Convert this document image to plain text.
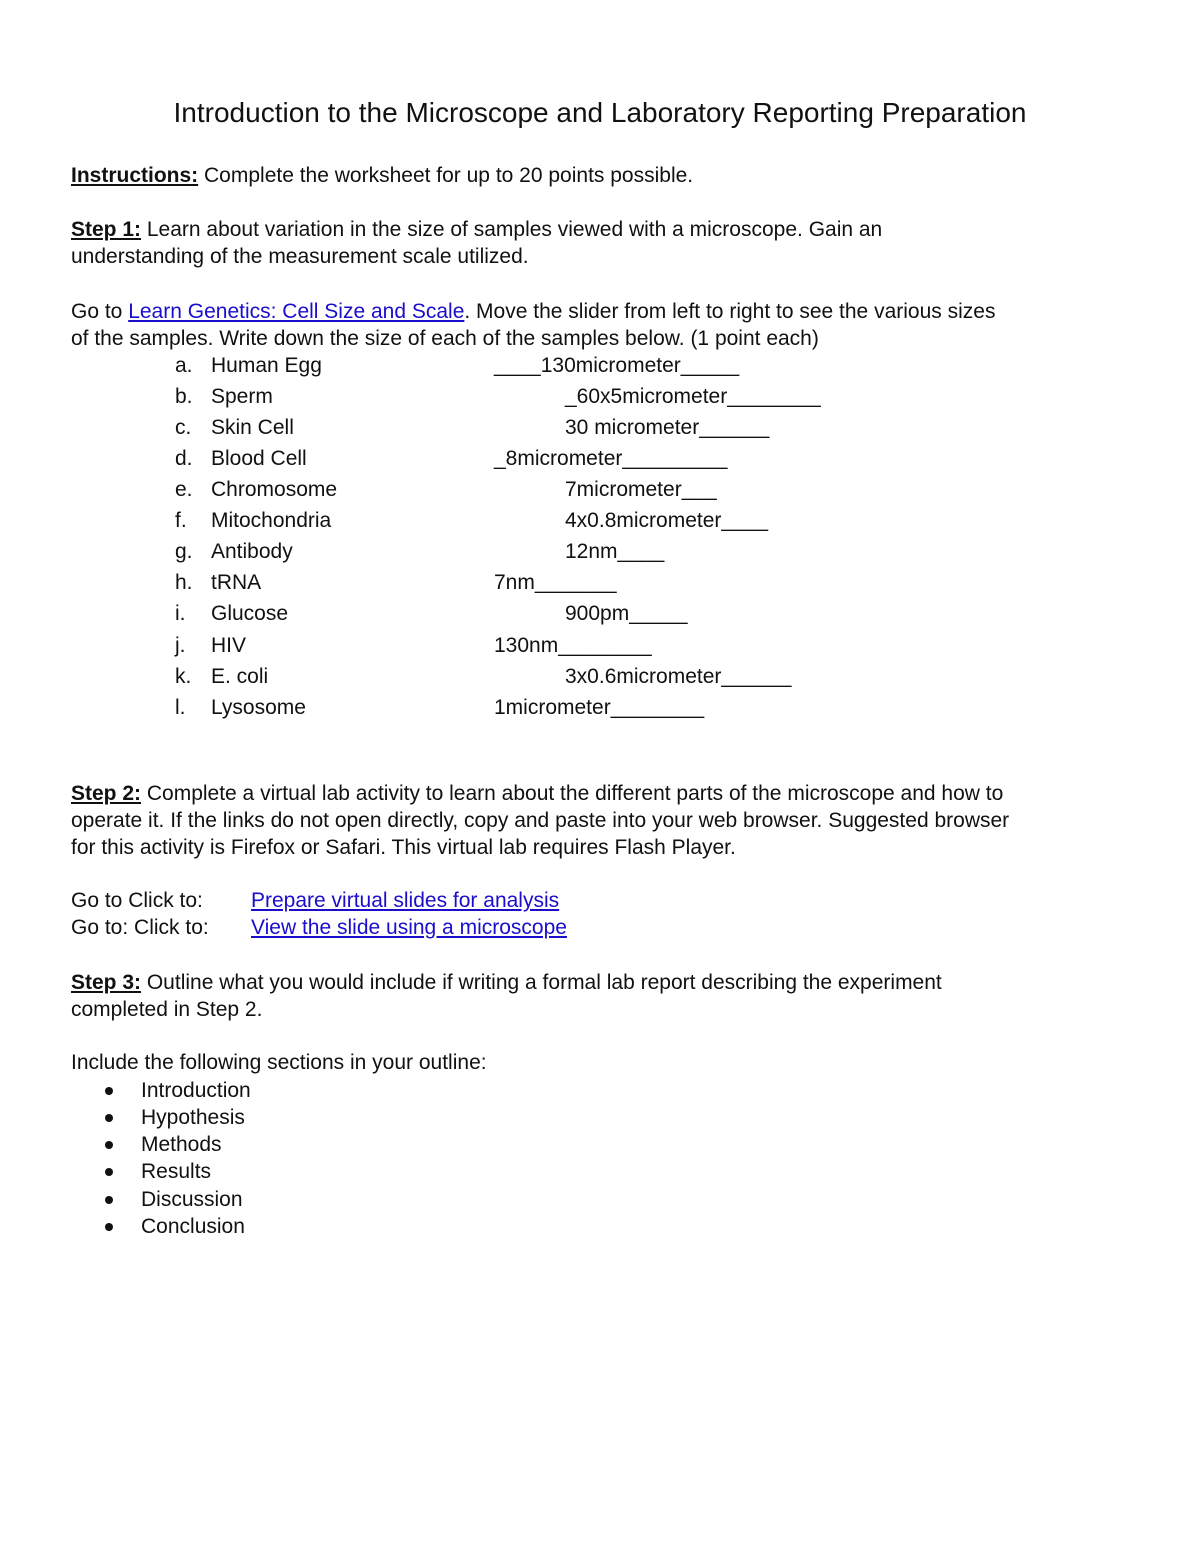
Introduction to the Microscope and Laboratory Reporting Preparation
Instructions: Complete the worksheet for up to 20 points possible.
Step 1: Learn about variation in the size of samples viewed with a microscope. Gain an
understanding of the measurement scale utilized.
Go to Learn Genetics: Cell Size and Scale. Move the slider from left to right to see the various sizes
of the samples. Write down the size of each of the samples below. (1 point each)
a. Human Egg	____130micrometer_____
b. Sperm	_60x5micrometer________
c. Skin Cell	30 micrometer______
d. Blood Cell	_8micrometer_________
e. Chromosome	7micrometer___
f. Mitochondria	4x0.8micrometer____
g. Antibody	12nm____
h. tRNA	7nm_______
i. Glucose	900pm_____
j. HIV	130nm________
k. E. coli	3x0.6micrometer______
l. Lysosome	1micrometer________
Step 2: Complete a virtual lab activity to learn about the different parts of the microscope and how to
operate it. If the links do not open directly, copy and paste into your web browser. Suggested browser
for this activity is Firefox or Safari. This virtual lab requires Flash Player.
Go to Click to: Prepare virtual slides for analysis
Go to: Click to: View the slide using a microscope
Step 3: Outline what you would include if writing a formal lab report describing the experiment
completed in Step 2.
Include the following sections in your outline:
Introduction
Hypothesis
Methods
Results
Discussion
Conclusion
